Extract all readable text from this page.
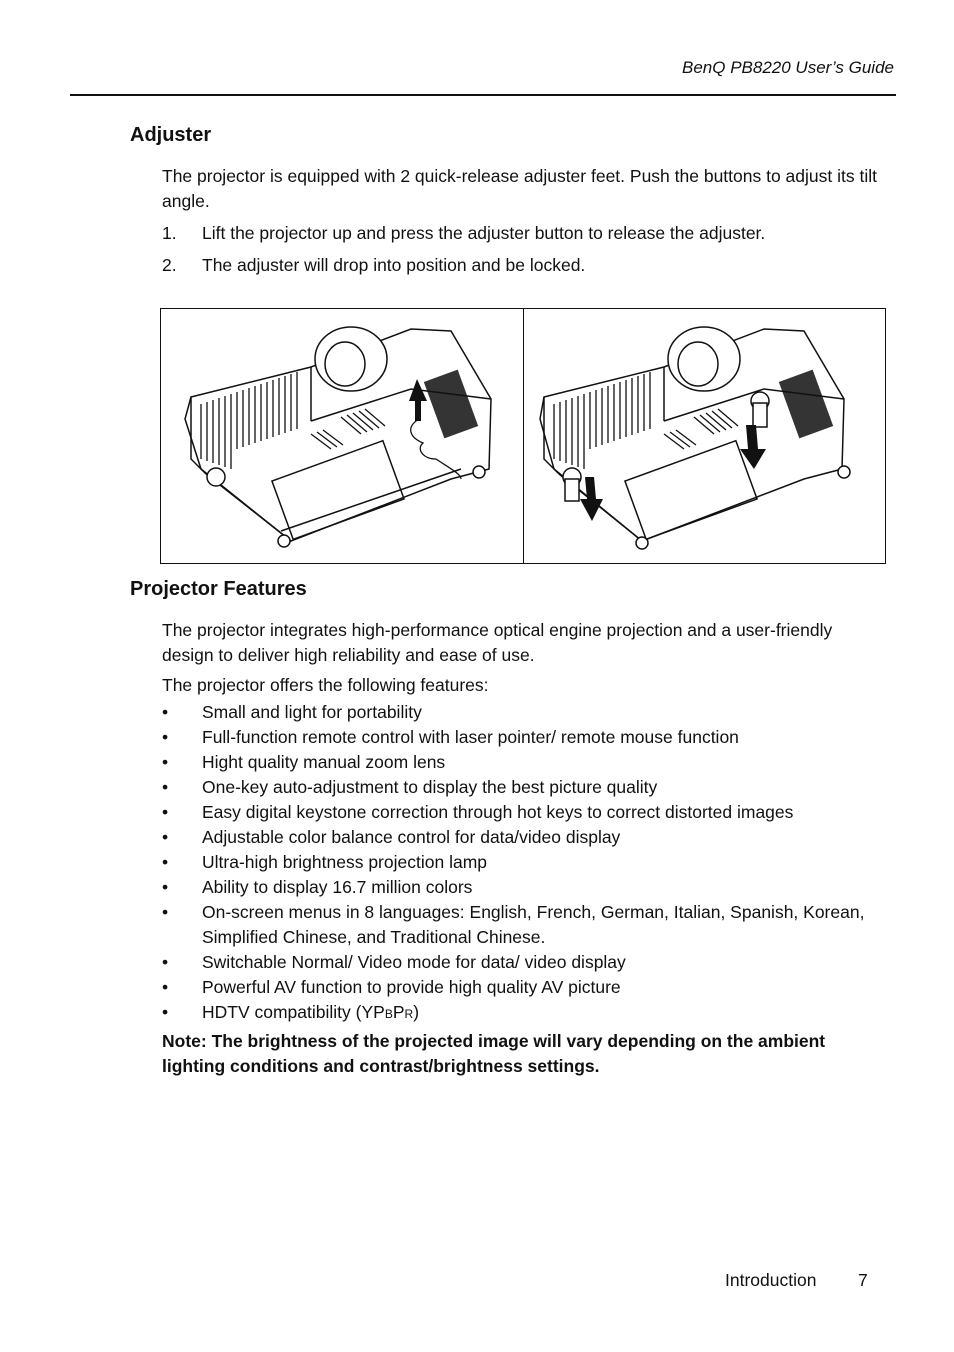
BenQ PB8220 User’s Guide
Adjuster

The projector is equipped with 2 quick-release adjuster feet. Push the buttons to adjust its tilt angle.

1. Lift the projector up and press the adjuster button to release the adjuster.
2. The adjuster will drop into position and be locked.
Projector Features

The projector integrates high-performance optical engine projection and a user-friendly design to deliver high reliability and ease of use.

The projector offers the following features:

• Small and light for portability
• Full-function remote control with laser pointer/ remote mouse function
• Hight quality manual zoom lens
• One-key auto-adjustment to display the best picture quality
• Easy digital keystone correction through hot keys to correct distorted images
• Adjustable color balance control for data/video display
• Ultra-high brightness projection lamp
• Ability to display 16.7 million colors
• On-screen menus in 8 languages: English, French, German, Italian, Spanish, Korean, Simplified Chinese, and Traditional Chinese.
• Switchable Normal/ Video mode for data/ video display
• Powerful AV function to provide high quality AV picture
• HDTV compatibility (YPBPR)
Note: The brightness of the projected image will vary depending on the ambient lighting conditions and contrast/brightness settings.
Introduction 7
